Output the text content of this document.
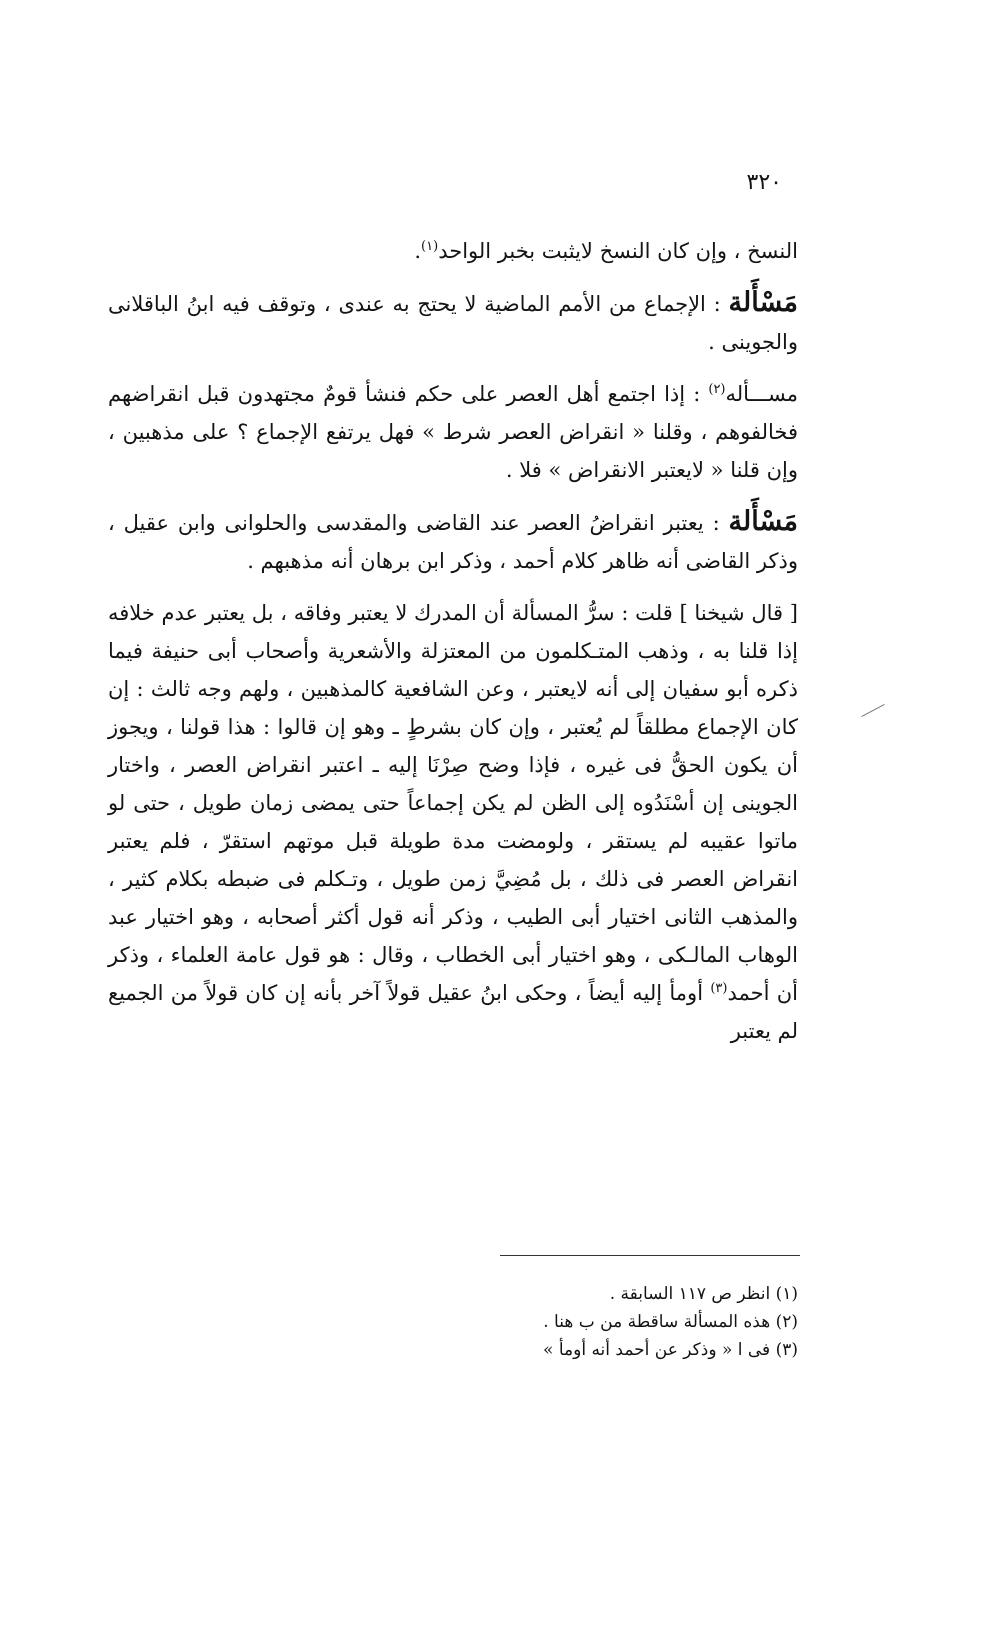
٣٢٠

النسخ ، وإن كان النسخ لايثبت بخبر الواحد$^{(١)}$.

مَسْأَلة : الإجماع من الأمم الماضية لا يحتج به عندى ، وتوقف فيه ابنُ الباقلانى والجوينى .

مســـأله$^{(٢)}$ : إذا اجتمع أهل العصر على حكم فنشأ قومٌ مجتهدون قبل انقراضهم فخالفوهم ، وقلنا « انقراض العصر شرط » فهل يرتفع الإجماع ؟ على مذهبين ، وإن قلنا « لايعتبر الانقراض » فلا .

مَسْأَلة : يعتبر انقراضُ العصر عند القاضى والمقدسى والحلوانى وابن عقيل ، وذكر القاضى أنه ظاهر كلام أحمد ، وذكر ابن برهان أنه مذهبهم .

[ قال شيخنا ] قلت : سرُّ المسألة أن المدرك لا يعتبر وفاقه ، بل يعتبر عدم خلافه إذا قلنا به ، وذهب المتـكلمون من المعتزلة والأشعرية وأصحاب أبى حنيفة فيما ذكره أبو سفيان إلى أنه لايعتبر ، وعن الشافعية كالمذهبين ، ولهم وجه ثالث : إن كان الإجماع مطلقاً لم يُعتبر ، وإن كان بشرطٍ ـ وهو إن قالوا : هذا قولنا ، ويجوز أن يكون الحقُّ فى غيره ، فإذا وضح صِرْنَا إليه ـ اعتبر انقراض العصر ، واختار الجوينى إن أسْنَدُوه إلى الظن لم يكن إجماعاً حتى يمضى زمان طويل ، حتى لو ماتوا عقيبه لم يستقر ، ولومضت مدة طويلة قبل موتهم استقرّ ، فلم يعتبر انقراض العصر فى ذلك ، بل مُضِيَّ زمن طويل ، وتـكلم فى ضبطه بكلام كثير ، والمذهب الثانى اختيار أبى الطيب ، وذكر أنه قول أكثر أصحابه ، وهو اختيار عبد الوهاب المالـكى ، وهو اختيار أبى الخطاب ، وقال : هو قول عامة العلماء ، وذكر أن أحمد$^{(٣)}$ أومأ إليه أيضاً ، وحكى ابنُ عقيل قولاً آخر بأنه إن كان قولاً من الجميع لم يعتبر

(١) انظر ص ١١٧ السابقة .

(٢) هذه المسألة ساقطة من ب هنا .

(٣) فى ا « وذكر عن أحمد أنه أومأ »
